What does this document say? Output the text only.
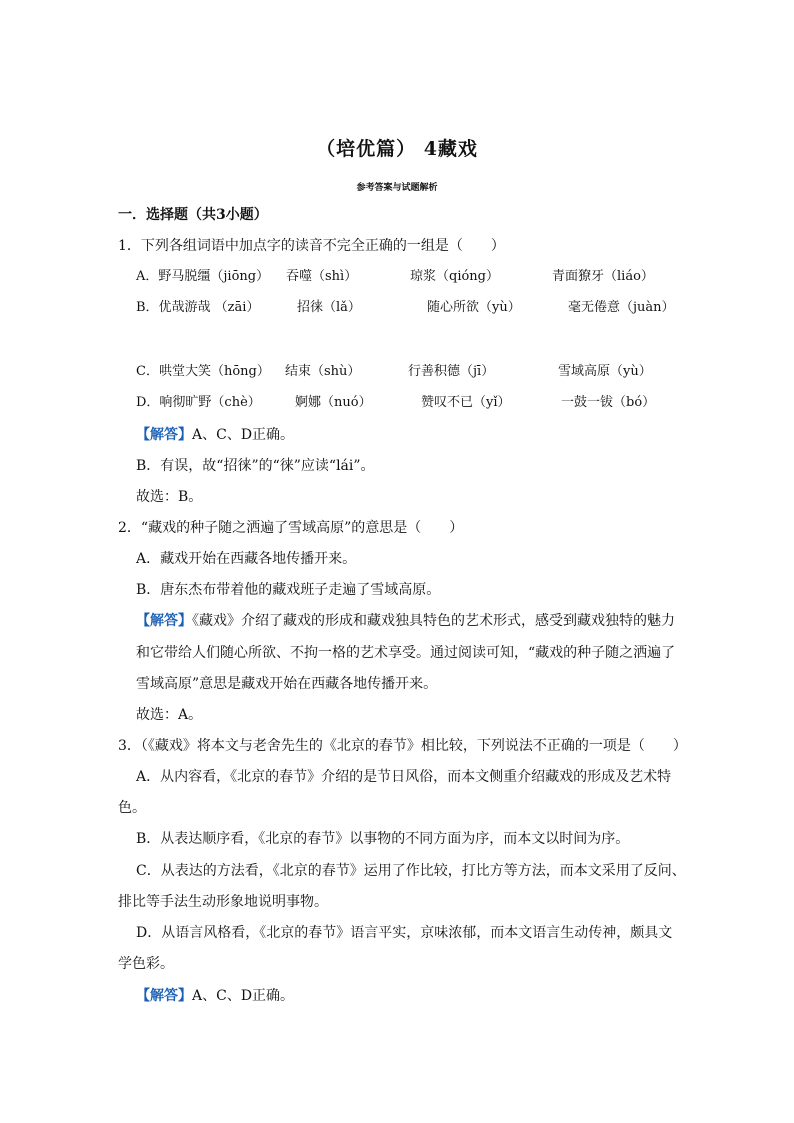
（培优篇） 4藏戏
参考答案与试题解析
一．选择题（共3小题）
1．下列各组词语中加点字的读音不完全正确的一组是（　　）
A．野马脱缰（jiōng） 吞噬（shì）	琼浆（qióng）	青面獠牙（liáo）
B．优哉游哉 （zāi）	招徕（lǎ）	随心所欲（yù）	毫无倦意（juàn）
C．哄堂大笑（hōng） 结束（shù）	行善积德（jī）	雪域高原（yù）
D．响彻旷野（chè）	婀娜（nuó）	赞叹不已（yǐ）	一鼓一钹（bó）
【解答】A、C、D正确。
B．有误，故“招徕”的“徕”应读“lái”。
故选：B。
2．“藏戏的种子随之洒遍了雪域高原”的意思是（　　）
A．藏戏开始在西藏各地传播开来。
B．唐东杰布带着他的藏戏班子走遍了雪域高原。
【解答】《藏戏》介绍了藏戏的形成和藏戏独具特色的艺术形式，感受到藏戏独特的魅力
和它带给人们随心所欲、不拘一格的艺术享受。通过阅读可知，“藏戏的种子随之洒遍了
雪域高原”意思是藏戏开始在西藏各地传播开来。
故选：A。
3．（《藏戏》将本文与老舍先生的《北京的春节》相比较，下列说法不正确的一项是（　　）
A．从内容看，《北京的春节》介绍的是节日风俗，而本文侧重介绍藏戏的形成及艺术特
色。
B．从表达顺序看，《北京的春节》以事物的不同方面为序，而本文以时间为序。
C．从表达的方法看，《北京的春节》运用了作比较，打比方等方法，而本文采用了反问、
排比等手法生动形象地说明事物。
D．从语言风格看，《北京的春节》语言平实，京味浓郁，而本文语言生动传神，颇具文
学色彩。
【解答】A、C、D正确。
